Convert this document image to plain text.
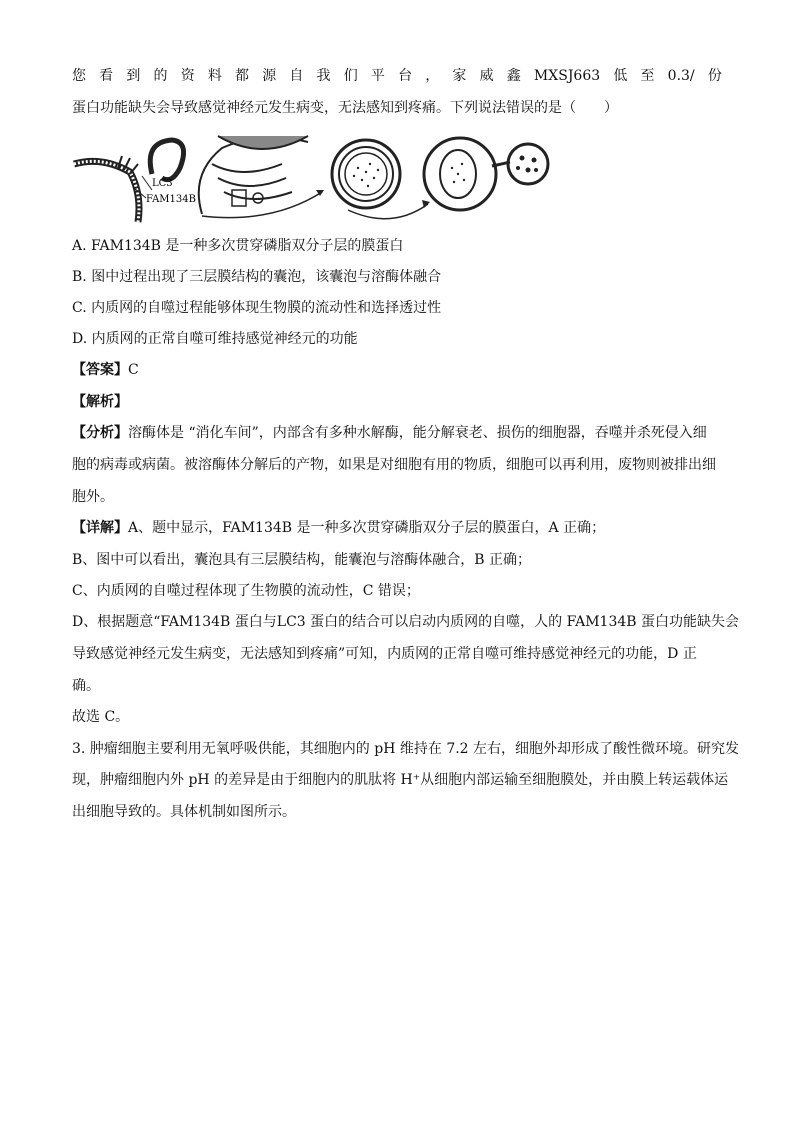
您 看 到 的 资 料 都 源 自 我 们 平 台 ， 家 威 鑫 MXSJ663 低 至 0.3/ 份
蛋白功能缺失会导致感觉神经元发生病变，无法感知到疼痛。下列说法错误的是（　　）
LC3
FAM134B
A. FAM134B 是一种多次贯穿磷脂双分子层的膜蛋白
B. 图中过程出现了三层膜结构的囊泡，该囊泡与溶酶体融合
C. 内质网的自噬过程能够体现生物膜的流动性和选择透过性
D. 内质网的正常自噬可维持感觉神经元的功能
【答案】C
【解析】
【分析】溶酶体是 “消化车间”，内部含有多种水解酶，能分解衰老、损伤的细胞器，吞噬并杀死侵入细
胞的病毒或病菌。被溶酶体分解后的产物，如果是对细胞有用的物质，细胞可以再利用，废物则被排出细
胞外。
【详解】A、题中显示，FAM134B 是一种多次贯穿磷脂双分子层的膜蛋白，A 正确；
B、图中可以看出，囊泡具有三层膜结构，能囊泡与溶酶体融合，B 正确；
C、内质网的自噬过程体现了生物膜的流动性，C 错误；
D、根据题意“FAM134B 蛋白与LC3 蛋白的结合可以启动内质网的自噬，人的 FAM134B 蛋白功能缺失会
导致感觉神经元发生病变，无法感知到疼痛”可知，内质网的正常自噬可维持感觉神经元的功能，D 正
确。
故选 C。
3. 肿瘤细胞主要利用无氧呼吸供能，其细胞内的 pH 维持在 7.2 左右，细胞外却形成了酸性微环境。研究发
现，肿瘤细胞内外 pH 的差异是由于细胞内的肌肽将 H⁺从细胞内部运输至细胞膜处，并由膜上转运载体运
出细胞导致的。具体机制如图所示。
